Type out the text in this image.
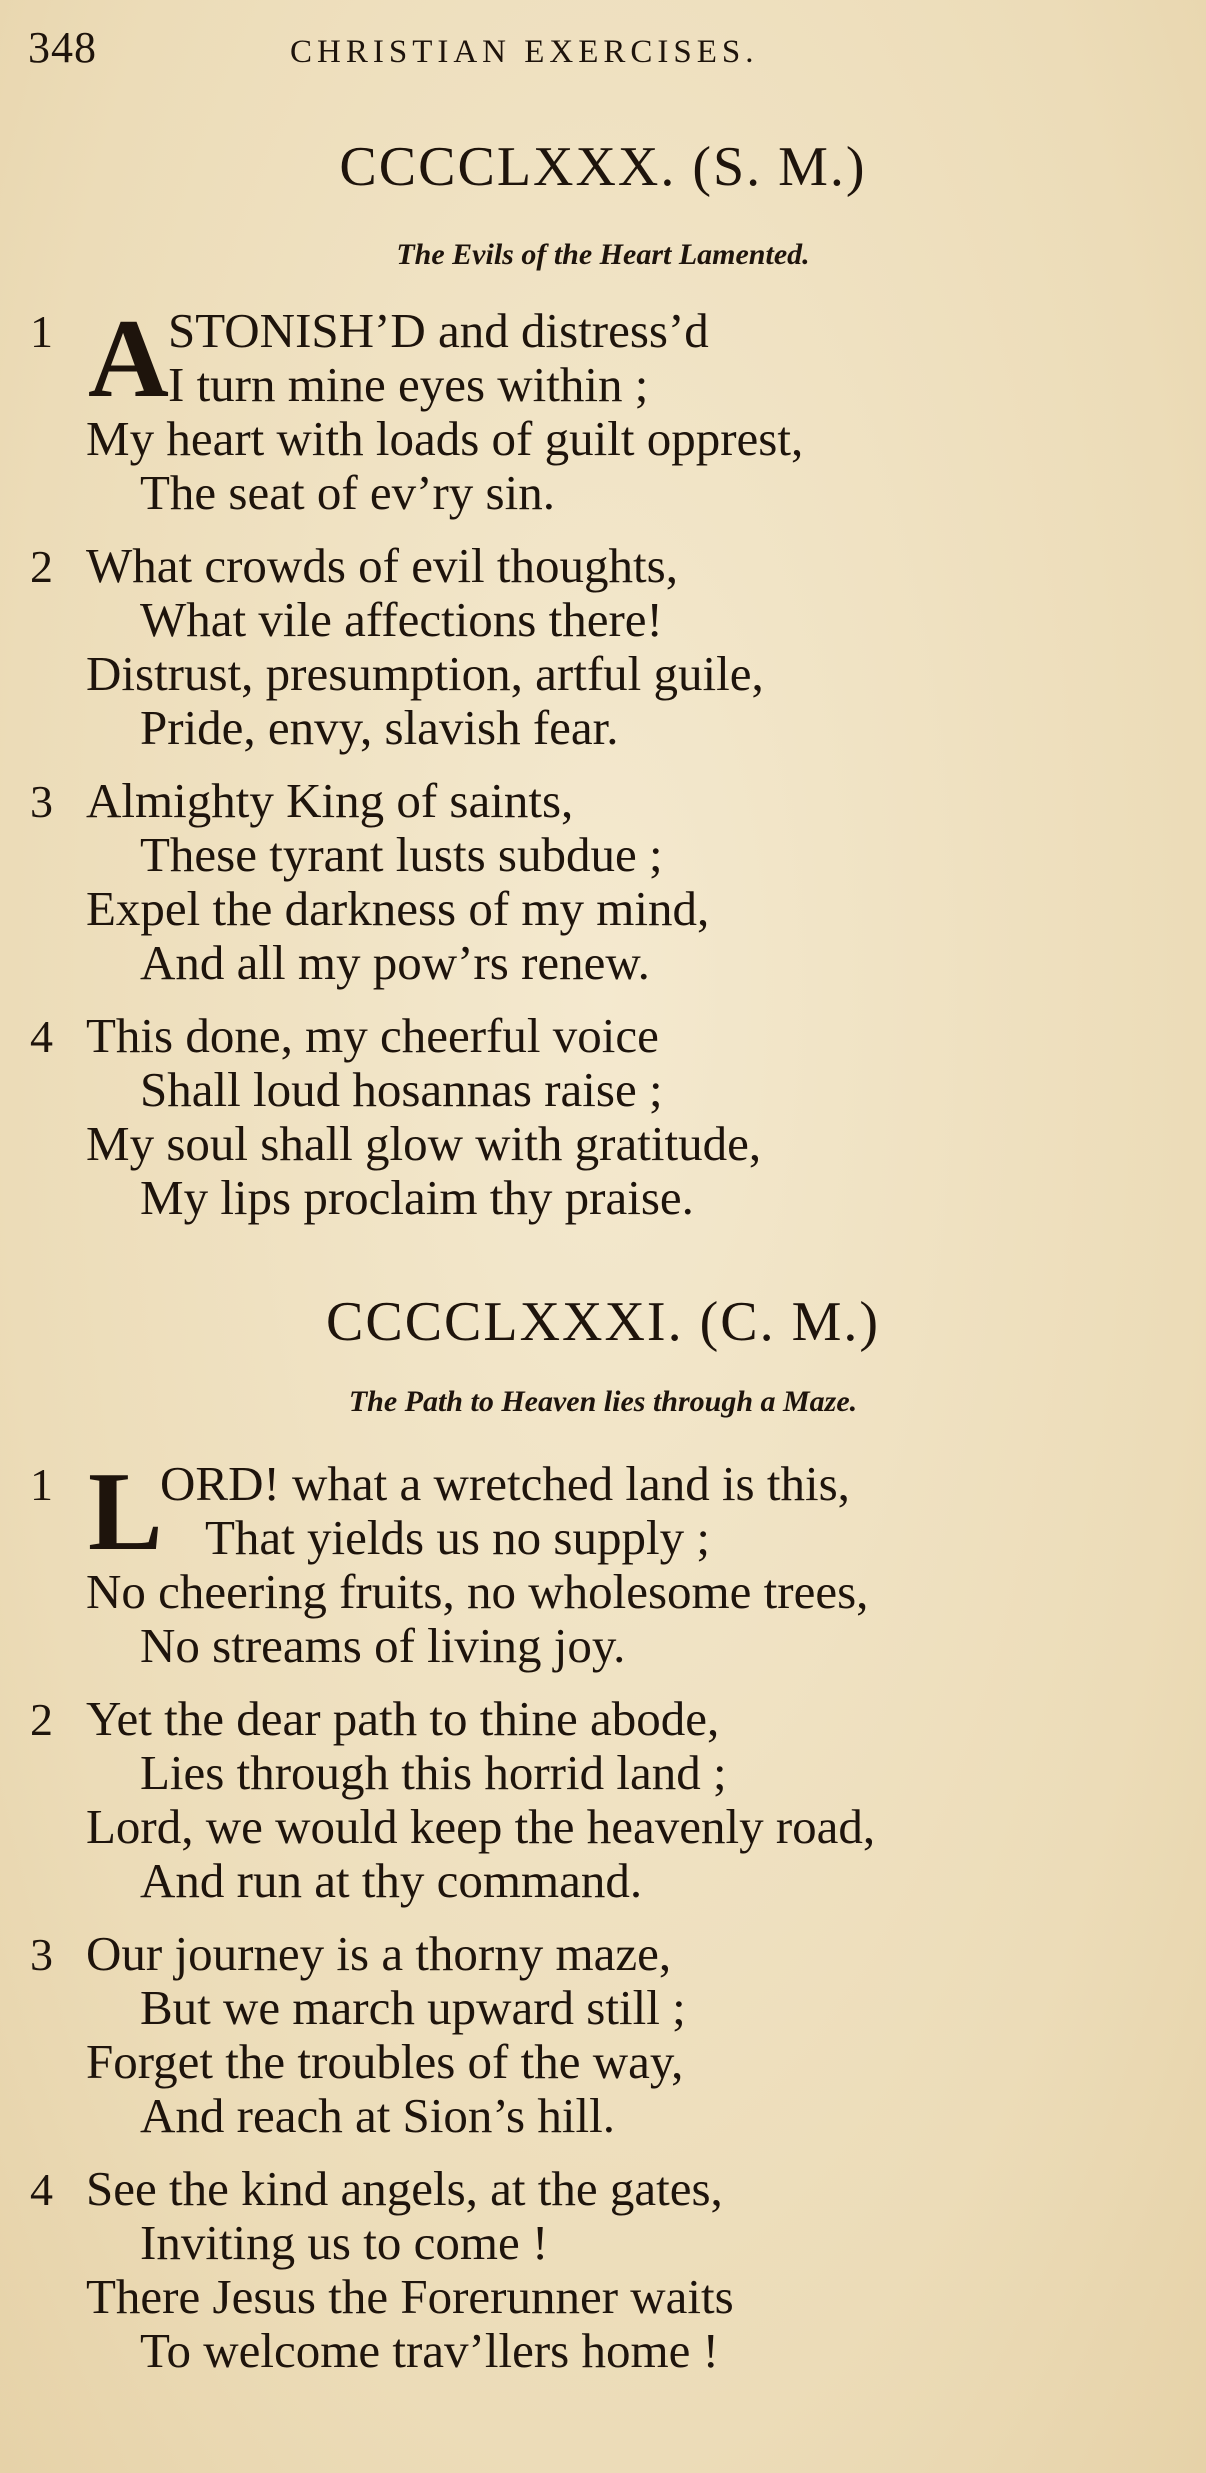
348	CHRISTIAN EXERCISES.
CCCCLXXX. (S. M.)
The Evils of the Heart Lamented.
1 A STONISH’D and distress’d
I turn mine eyes within ;
My heart with loads of guilt opprest,
The seat of ev’ry sin.
2 What crowds of evil thoughts,
What vile affections there!
Distrust, presumption, artful guile,
Pride, envy, slavish fear.
3 Almighty King of saints,
These tyrant lusts subdue ;
Expel the darkness of my mind,
And all my pow’rs renew.
4 This done, my cheerful voice
Shall loud hosannas raise ;
My soul shall glow with gratitude,
My lips proclaim thy praise.
CCCCLXXXI. (C. M.)
The Path to Heaven lies through a Maze.
1 L
ORD! what a wretched land is this,
That yields us no supply ;
No cheering fruits, no wholesome trees,
No streams of living joy.
2 Yet the dear path to thine abode,
Lies through this horrid land ;
Lord, we would keep the heavenly road,
And run at thy command.
3 Our journey is a thorny maze,
But we march upward still ;
Forget the troubles of the way,
And reach at Sion’s hill.
4 See the kind angels, at the gates,
Inviting us to come !
There Jesus the Forerunner waits
To welcome trav’llers home !
